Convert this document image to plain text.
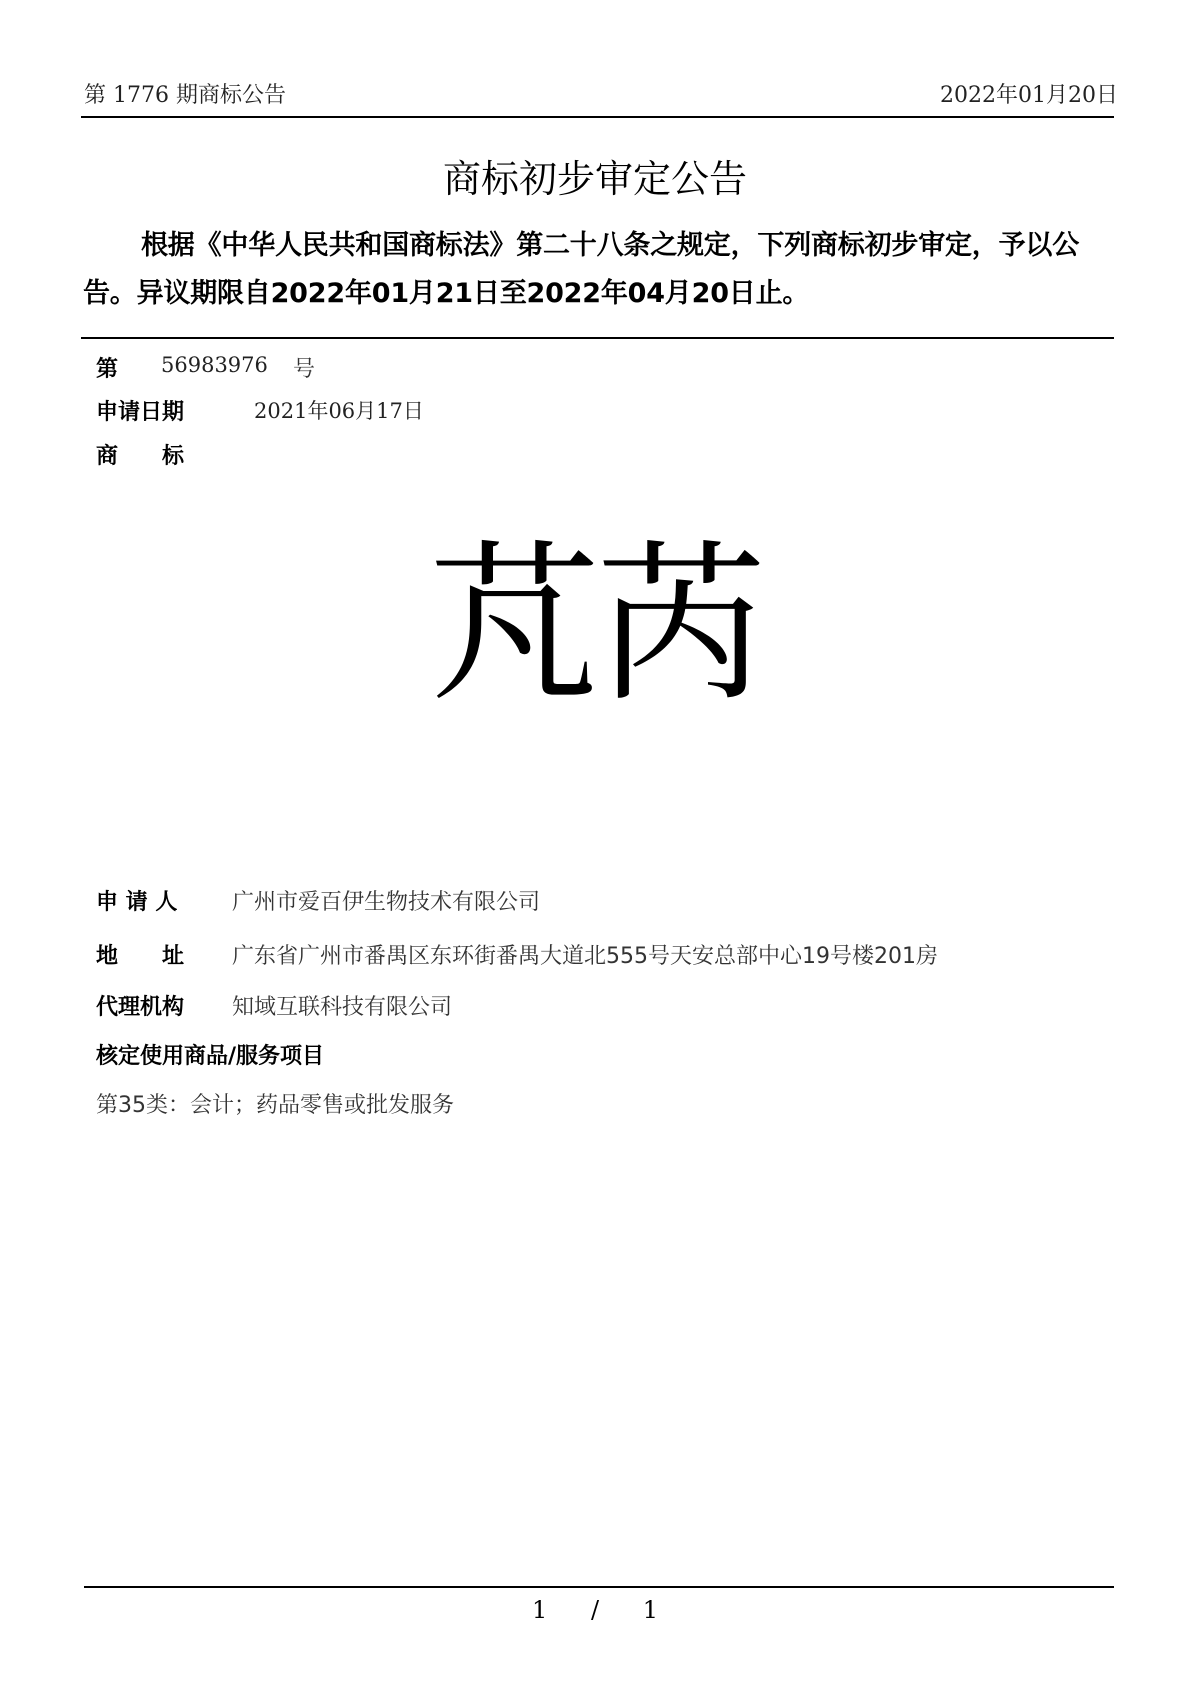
第 1776 期商标公告	2022年01月20日
商标初步审定公告
根据《中华人民共和国商标法》第二十八条之规定，下列商标初步审定，予以公告。异议期限自2022年01月21日至2022年04月20日止。
第 56983976 号
申请日期	2021年06月17日
商　　标
芃芮
申 请 人 广州市爱百伊生物技术有限公司
地　　址 广东省广州市番禺区东环街番禺大道北555号天安总部中心19号楼201房
代理机构 知域互联科技有限公司
核定使用商品/服务项目
第35类：会计；药品零售或批发服务
1 / 1
